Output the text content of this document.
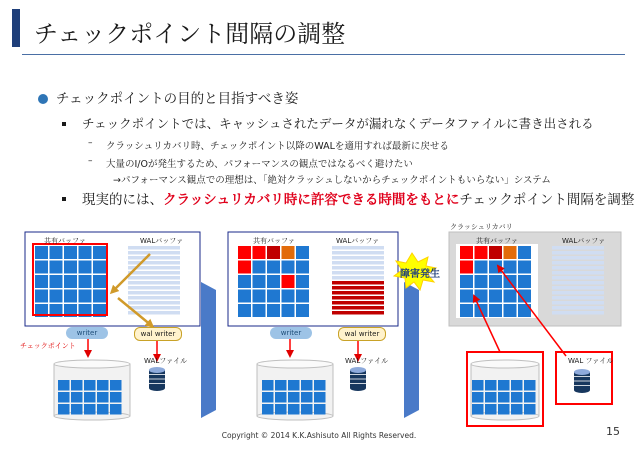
チェックポイント間隔の調整
チェックポイントの目的と目指すべき姿
チェックポイントでは、キャッシュされたデータが漏れなくデータファイルに書き出される
– クラッシュリカバリ時、チェックポイント以降のWALを適用すれば最新に戻せる
– 大量のI/Oが発生するため、パフォーマンスの観点ではなるべく避けたい
→パフォーマンス観点での理想は、「絶対クラッシュしないからチェックポイントもいらない」システム
現実的には、クラッシュリカバリ時に許容できる時間をもとにチェックポイント間隔を調整
共有バッファ	WALバッファ	共有バッファ	WALバッファ	共有バッファ	WALバッファ
クラッシュリカバリ
writer	wal writer	writer	wal writer
チェックポイント
WALファイル	WALファイル	WAL ファイル
障害発生
Copyright © 2014 K.K.Ashisuto All Rights Reserved.	15
